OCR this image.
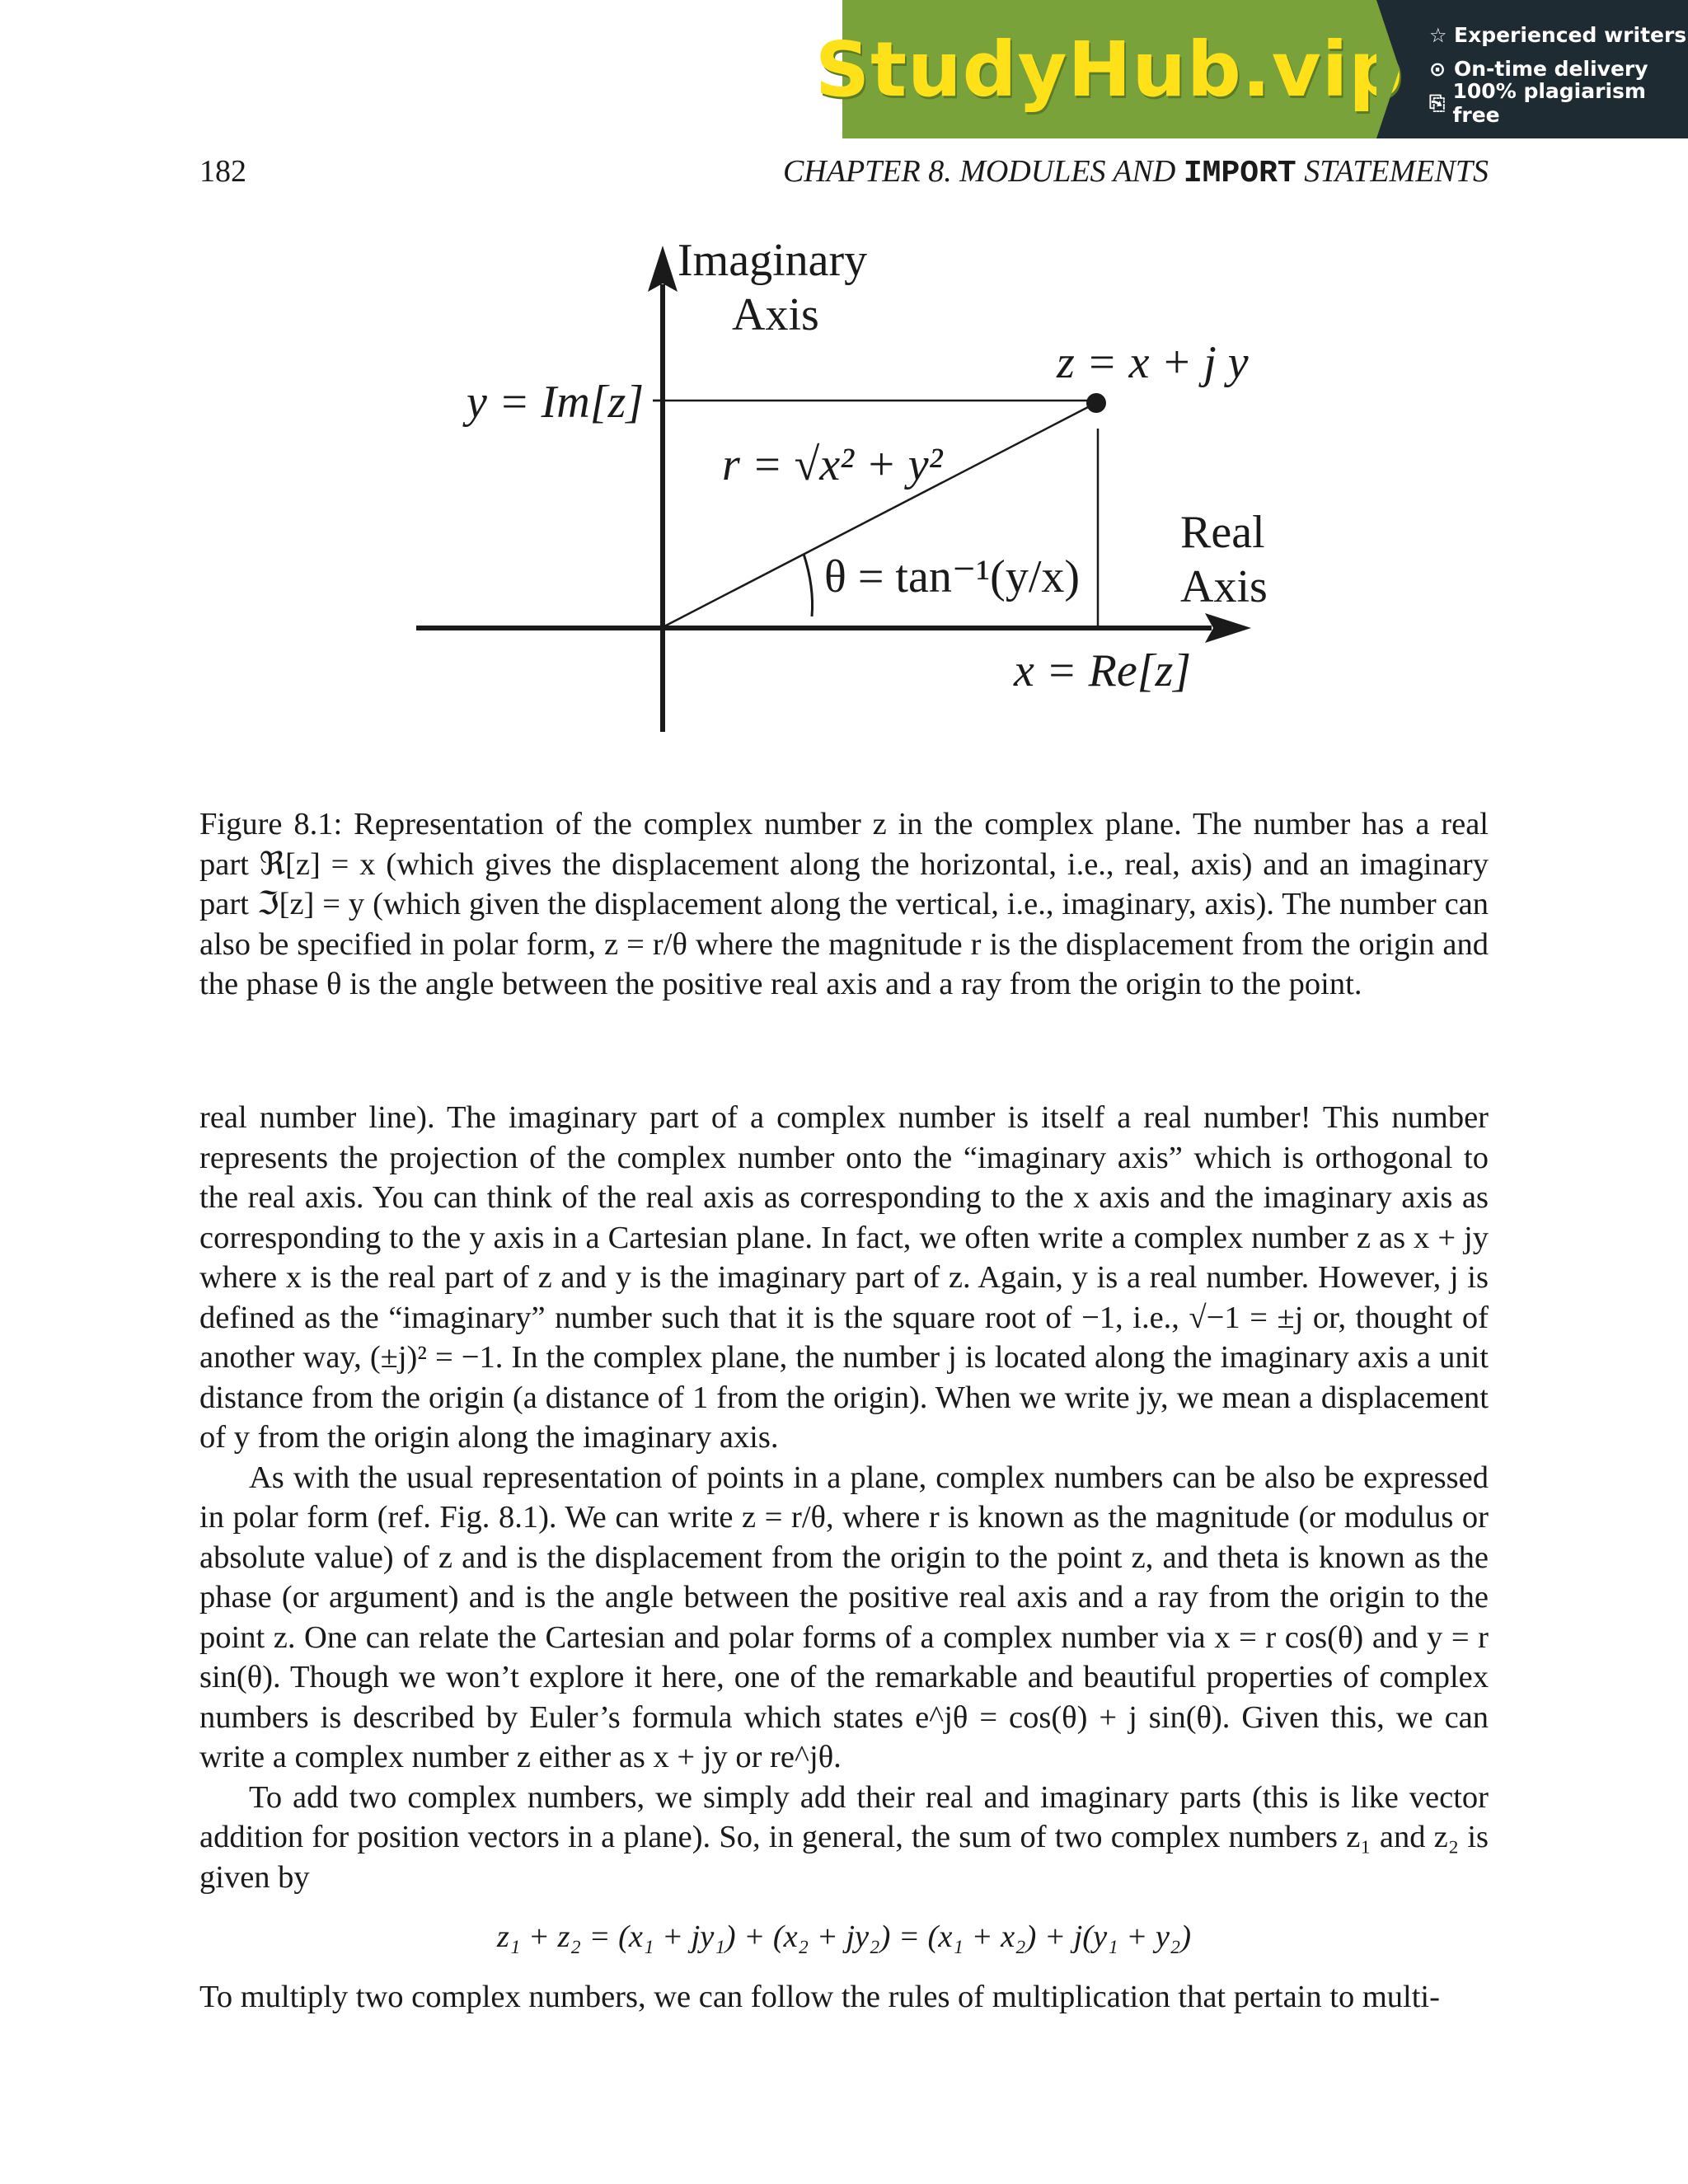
StudyHub.vip ☆ Experienced writers
⊙ On-time delivery
⎘ 100% plagiarism free
182	CHAPTER 8. MODULES AND IMPORT STATEMENTS
Imaginary
Axis
z = x + j y
y = Im[z]
r = √x² + y²
θ = tan⁻¹(y/x)
Real
Axis
x = Re[z]
Figure 8.1: Representation of the complex number z in the complex plane. The number has a real part ℜ[z] = x (which gives the displacement along the horizontal, i.e., real, axis) and an imaginary part ℑ[z] = y (which given the displacement along the vertical, i.e., imaginary, axis). The number can also be specified in polar form, z = r/θ where the magnitude r is the displacement from the origin and the phase θ is the angle between the positive real axis and a ray from the origin to the point.

real number line). The imaginary part of a complex number is itself a real number! This number represents the projection of the complex number onto the “imaginary axis” which is orthogonal to the real axis. You can think of the real axis as corresponding to the x axis and the imaginary axis as corresponding to the y axis in a Cartesian plane. In fact, we often write a complex number z as x + jy where x is the real part of z and y is the imaginary part of z. Again, y is a real number. However, j is defined as the “imaginary” number such that it is the square root of −1, i.e., √−1 = ±j or, thought of another way, (±j)² = −1. In the complex plane, the number j is located along the imaginary axis a unit distance from the origin (a distance of 1 from the origin). When we write jy, we mean a displacement of y from the origin along the imaginary axis.

As with the usual representation of points in a plane, complex numbers can be also be expressed in polar form (ref. Fig. 8.1). We can write z = r/θ, where r is known as the magnitude (or modulus or absolute value) of z and is the displacement from the origin to the point z, and theta is known as the phase (or argument) and is the angle between the positive real axis and a ray from the origin to the point z. One can relate the Cartesian and polar forms of a complex number via x = r cos(θ) and y = r sin(θ). Though we won’t explore it here, one of the remarkable and beautiful properties of complex numbers is described by Euler’s formula which states e^jθ = cos(θ) + j sin(θ). Given this, we can write a complex number z either as x + jy or re^jθ.

To add two complex numbers, we simply add their real and imaginary parts (this is like vector addition for position vectors in a plane). So, in general, the sum of two complex numbers z₁ and z₂ is given by

z₁ + z₂ = (x₁ + jy₁) + (x₂ + jy₂) = (x₁ + x₂) + j(y₁ + y₂)

To multiply two complex numbers, we can follow the rules of multiplication that pertain to multi-
